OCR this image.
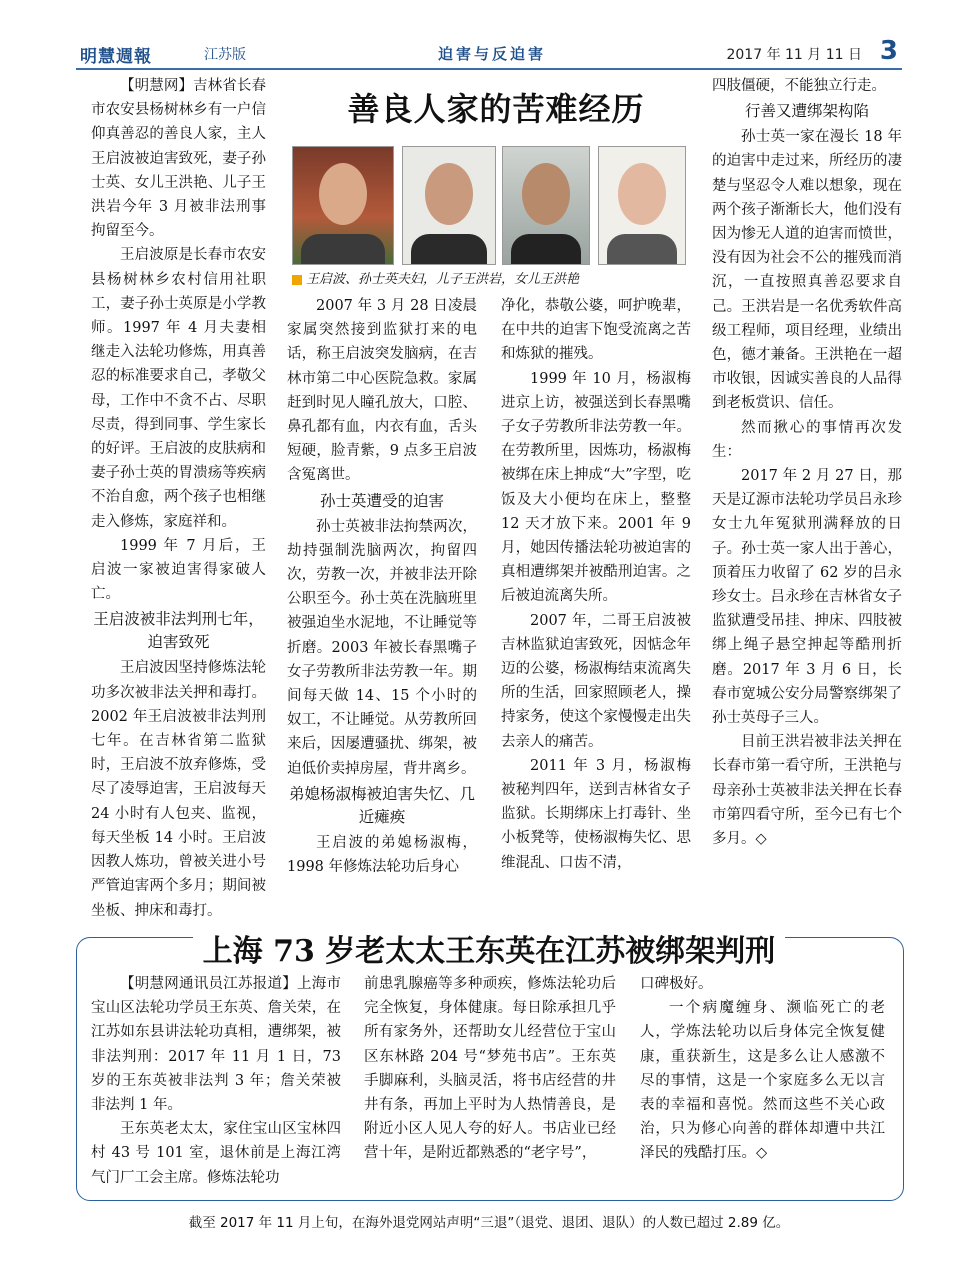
明慧週報	江苏版	迫害与反迫害	2017 年 11 月 11 日 3
善良人家的苦难经历
王启波、孙士英夫妇，儿子王洪岩，女儿王洪艳

【明慧网】吉林省长春市农安县杨树林乡有一户信仰真善忍的善良人家，主人王启波被迫害致死，妻子孙士英、女儿王洪艳、儿子王洪岩今年 3 月被非法刑事拘留至今。

王启波原是长春市农安县杨树林乡农村信用社职工，妻子孙士英原是小学教师。1997 年 4 月夫妻相继走入法轮功修炼，用真善忍的标准要求自己，孝敬父母，工作中不贪不占、尽职尽责，得到同事、学生家长的好评。王启波的皮肤病和妻子孙士英的胃溃疡等疾病不治自愈，两个孩子也相继走入修炼，家庭祥和。

1999 年 7 月后，王启波一家被迫害得家破人亡。

王启波被非法判刑七年，迫害致死

王启波因坚持修炼法轮功多次被非法关押和毒打。2002 年王启波被非法判刑七年。在吉林省第二监狱时，王启波不放弃修炼，受尽了凌辱迫害，王启波每天 24 小时有人包夹、监视，每天坐板 14 小时。王启波因教人炼功，曾被关进小号严管迫害两个多月；期间被坐板、抻床和毒打。

2007 年 3 月 28 日凌晨家属突然接到监狱打来的电话，称王启波突发脑病，在吉林市第二中心医院急救。家属赶到时见人瞳孔放大，口腔、鼻孔都有血，内衣有血，舌头短硬，脸青紫，9 点多王启波含冤离世。

孙士英遭受的迫害

孙士英被非法拘禁两次，劫持强制洗脑两次，拘留四次，劳教一次，并被非法开除公职至今。孙士英在洗脑班里被强迫坐水泥地，不让睡觉等折磨。2003 年被长春黑嘴子女子劳教所非法劳教一年。期间每天做 14、15 个小时的奴工，不让睡觉。从劳教所回来后，因屡遭骚扰、绑架，被迫低价卖掉房屋，背井离乡。

弟媳杨淑梅被迫害失忆、几近瘫痪

王启波的弟媳杨淑梅，1998 年修炼法轮功后身心

净化，恭敬公婆，呵护晚辈，在中共的迫害下饱受流离之苦和炼狱的摧残。

1999 年 10 月，杨淑梅进京上访，被强送到长春黑嘴子女子劳教所非法劳教一年。在劳教所里，因炼功，杨淑梅被绑在床上抻成“大”字型，吃饭及大小便均在床上，整整 12 天才放下来。2001 年 9 月，她因传播法轮功被迫害的真相遭绑架并被酷刑迫害。之后被迫流离失所。

2007 年，二哥王启波被吉林监狱迫害致死，因惦念年迈的公婆，杨淑梅结束流离失所的生活，回家照顾老人，操持家务，使这个家慢慢走出失去亲人的痛苦。

2011 年 3 月，杨淑梅被秘判四年，送到吉林省女子监狱。长期绑床上打毒针、坐小板凳等，使杨淑梅失忆、思维混乱、口齿不清，

四肢僵硬，不能独立行走。

行善又遭绑架构陷

孙士英一家在漫长 18 年的迫害中走过来，所经历的凄楚与坚忍令人难以想象，现在两个孩子渐渐长大，他们没有因为惨无人道的迫害而愤世，没有因为社会不公的摧残而消沉，一直按照真善忍要求自己。王洪岩是一名优秀软件高级工程师，项目经理，业绩出色，德才兼备。王洪艳在一超市收银，因诚实善良的人品得到老板赏识、信任。

然而揪心的事情再次发生：

2017 年 2 月 27 日，那天是辽源市法轮功学员吕永珍女士九年冤狱刑满释放的日子。孙士英一家人出于善心，顶着压力收留了 62 岁的吕永珍女士。吕永珍在吉林省女子监狱遭受吊挂、抻床、四肢被绑上绳子悬空抻起等酷刑折磨。2017 年 3 月 6 日，长春市宽城公安分局警察绑架了孙士英母子三人。

目前王洪岩被非法关押在长春市第一看守所，王洪艳与母亲孙士英被非法关押在长春市第四看守所，至今已有七个多月。◇

上海 73 岁老太太王东英在江苏被绑架判刑

【明慧网通讯员江苏报道】上海市宝山区法轮功学员王东英、詹关荣，在江苏如东县讲法轮功真相，遭绑架，被非法判刑：2017 年 11 月 1 日，73 岁的王东英被非法判 3 年；詹关荣被非法判 1 年。

王东英老太太，家住宝山区宝林四村 43 号 101 室，退休前是上海江湾气门厂工会主席。修炼法轮功

前患乳腺癌等多种顽疾，修炼法轮功后完全恢复，身体健康。每日除承担几乎所有家务外，还帮助女儿经营位于宝山区东林路 204 号“梦苑书店”。王东英手脚麻利，头脑灵活，将书店经营的井井有条，再加上平时为人热情善良，是附近小区人见人夸的好人。书店业已经营十年，是附近都熟悉的“老字号”，

口碑极好。

一个病魔缠身、濒临死亡的老人，学炼法轮功以后身体完全恢复健康，重获新生，这是多么让人感激不尽的事情，这是一个家庭多么无以言表的幸福和喜悦。然而这些不关心政治，只为修心向善的群体却遭中共江泽民的残酷打压。◇

截至 2017 年 11 月上旬，在海外退党网站声明“三退”（退党、退团、退队）的人数已超过 2.89 亿。
